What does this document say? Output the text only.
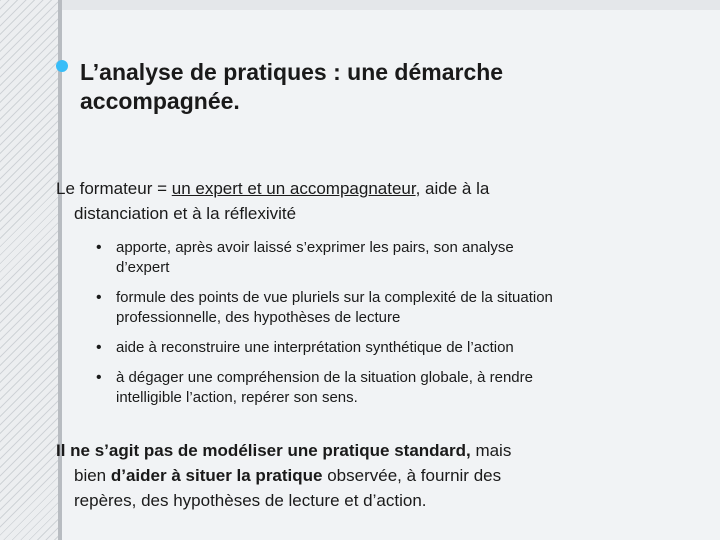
L’analyse de pratiques : une démarche
accompagnée.
Le formateur = un expert et un accompagnateur, aide à la
distanciation et à la réflexivité
• apporte, après avoir laissé s’exprimer les pairs, son analyse
d’expert
• formule des points de vue pluriels sur la complexité de la situation
professionnelle, des hypothèses de lecture
• aide à reconstruire une interprétation synthétique de l’action
• à dégager une compréhension de la situation globale, à rendre
intelligible l’action, repérer son sens.
Il ne s’agit pas de modéliser une pratique standard, mais
bien d’aider à situer la pratique observée, à fournir des
repères, des hypothèses de lecture et d’action.
